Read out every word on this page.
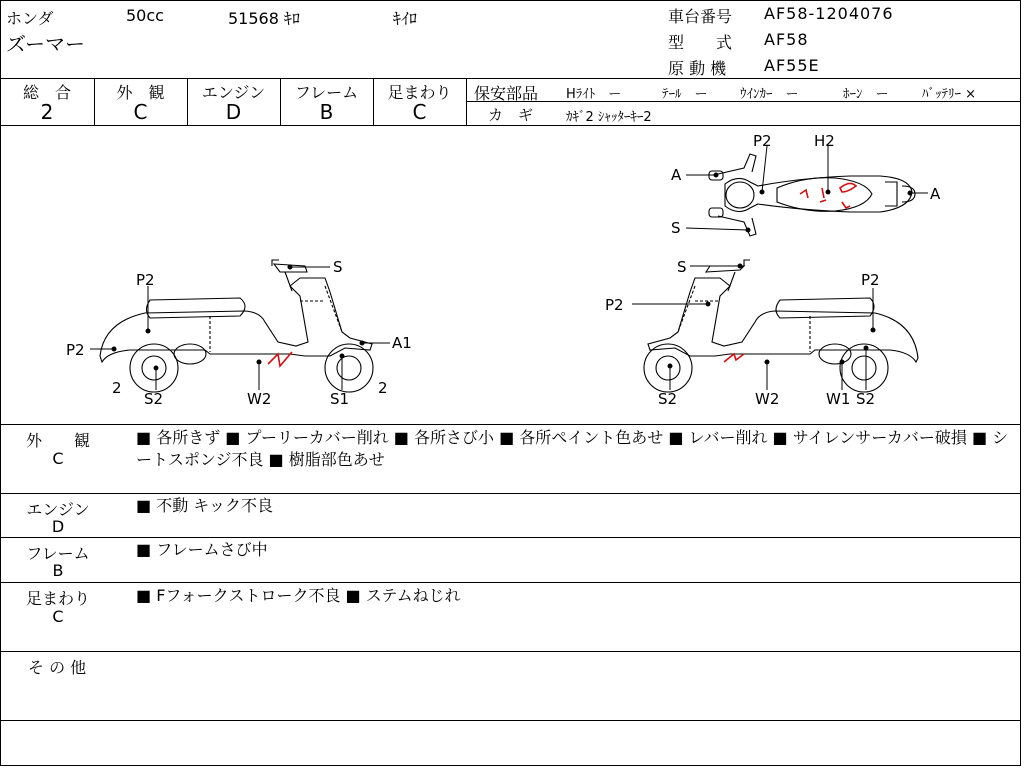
ホンダ	50cc	51568 ｷﾛ	ｷｲﾛ
ズーマー
車台番号 AF58-1204076
型　　式 AF58
原 動 機 AF55E
総　合
2
外　観
C
エンジン
D
フレーム
B
足まわり
C
保安部品 Hﾗｲﾄ　ー	ﾃｰﾙ　ー ｳｲﾝｶｰ　ー	ﾎｰﾝ　ー	ﾊﾞｯﾃﾘｰ ×
カ　ギ	ｶｷﾞ2 ｼｬｯﾀｰｷｰ2
P2	H2
A
A
S
S
P2
P2	A1
2
S2	W2	S1
2
S
P2
P2
S2	W2	W1 S2
外　　観
C
■ 各所きず ■ プーリーカバー削れ ■ 各所さび小 ■ 各所ペイント色あせ ■ レバー削れ ■ サイレンサーカバー破損 ■ シートスポンジ不良 ■ 樹脂部色あせ
エンジン
D
■ 不動 キック不良
フレーム
B
■ フレームさび中
足まわり
C
■ Fフォークストローク不良 ■ ステムねじれ
そ の 他
